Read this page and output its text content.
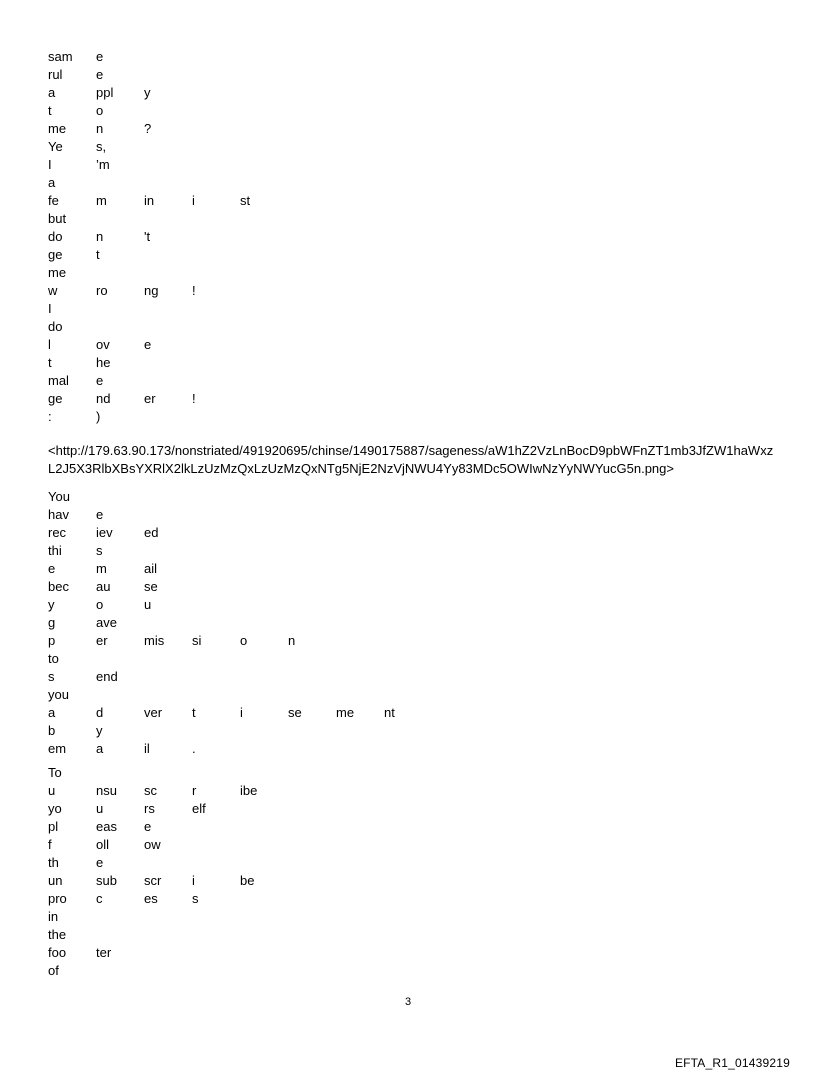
sam e
rul	e
a	ppl y
t	o
me n	?
Ye	s,
I	’m
a
fe	m	in	i	st
but
do	n	't
ge	t
me
w	ro	ng	!
I
do
l	ov	e
t	he
mal e
ge	nd	er	!
:	)
<http://179.63.90.173/nonstriated/491920695/chinse/1490175887/sageness/aW1hZ2VzLnBocD9pbWFnZT1mb3JfZW1haWxzL2J5X3RlbXBsYXRlX2lkLzUzMzQxLzUzMzQxNTg5NjE2NzVjNWU4Yy83MDc5OWIwNzYyNWYucG5n.png>
You
hav e
rec iev ed
thi	s
e	m	ail
bec au	se
y	o	u
g	ave
p	er	mis si	o	n
to
s	end
you
a	d	ver t	i	se	me nt
b	y
em a	il	.
To
u	nsu sc	r	ibe
yo	u	rs	elf
pl	eas e
f	oll	ow
th	e
un	sub scr i	be
pro c	es	s
in
the
foo ter
of
3
EFTA_R1_01439219
